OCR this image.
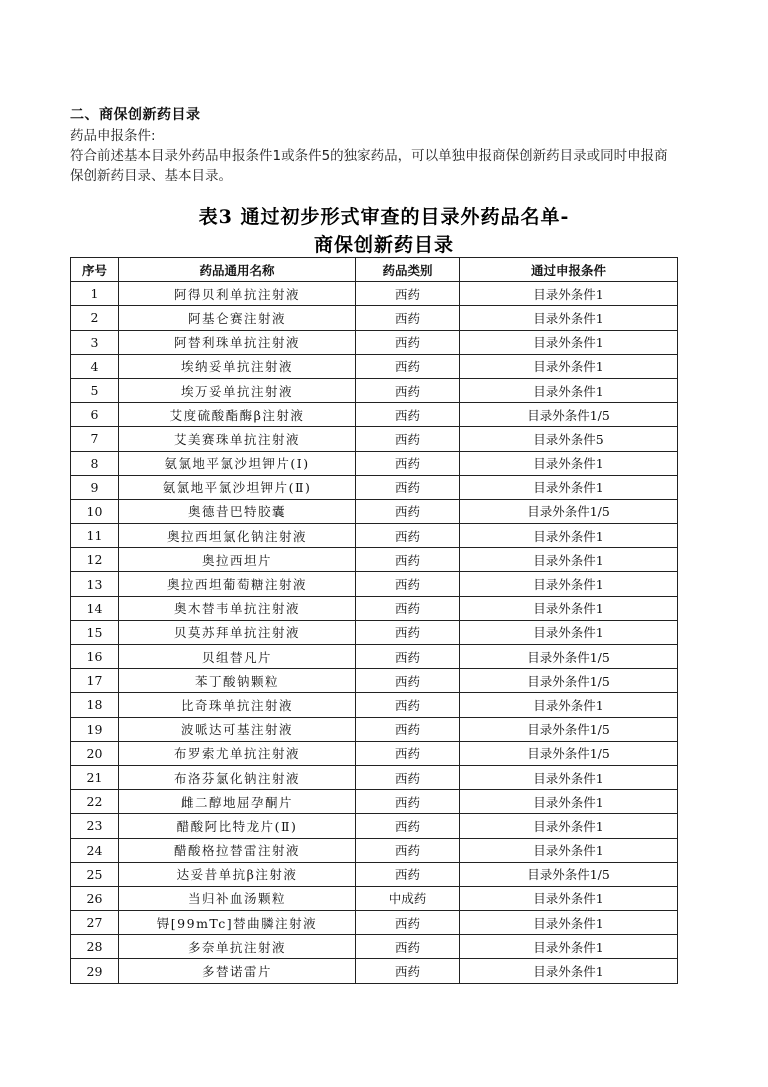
二、商保创新药目录
药品申报条件:
符合前述基本目录外药品申报条件1或条件5的独家药品，可以单独申报商保创新药目录或同时申报商保创新药目录、基本目录。
表3 通过初步形式审查的目录外药品名单-
商保创新药目录
序号	药品通用名称	药品类别	通过申报条件
1	阿得贝利单抗注射液	西药	目录外条件1
2	阿基仑赛注射液	西药	目录外条件1
3	阿替利珠单抗注射液	西药	目录外条件1
4	埃纳妥单抗注射液	西药	目录外条件1
5	埃万妥单抗注射液	西药	目录外条件1
6	艾度硫酸酯酶β注射液	西药	目录外条件1/5
7	艾美赛珠单抗注射液	西药	目录外条件5
8	氨氯地平氯沙坦钾片(Ⅰ)	西药	目录外条件1
9	氨氯地平氯沙坦钾片(Ⅱ)	西药	目录外条件1
10	奥德昔巴特胶囊	西药	目录外条件1/5
11	奥拉西坦氯化钠注射液	西药	目录外条件1
12	奥拉西坦片	西药	目录外条件1
13	奥拉西坦葡萄糖注射液	西药	目录外条件1
14	奥木替韦单抗注射液	西药	目录外条件1
15	贝莫苏拜单抗注射液	西药	目录外条件1
16	贝组替凡片	西药	目录外条件1/5
17	苯丁酸钠颗粒	西药	目录外条件1/5
18	比奇珠单抗注射液	西药	目录外条件1
19	波哌达可基注射液	西药	目录外条件1/5
20	布罗索尤单抗注射液	西药	目录外条件1/5
21	布洛芬氯化钠注射液	西药	目录外条件1
22	雌二醇地屈孕酮片	西药	目录外条件1
23	醋酸阿比特龙片(Ⅱ)	西药	目录外条件1
24	醋酸格拉替雷注射液	西药	目录外条件1
25	达妥昔单抗β注射液	西药	目录外条件1/5
26	当归补血汤颗粒	中成药	目录外条件1
27	锝[99mTc]替曲膦注射液	西药	目录外条件1
28	多奈单抗注射液	西药	目录外条件1
29	多替诺雷片	西药	目录外条件1
